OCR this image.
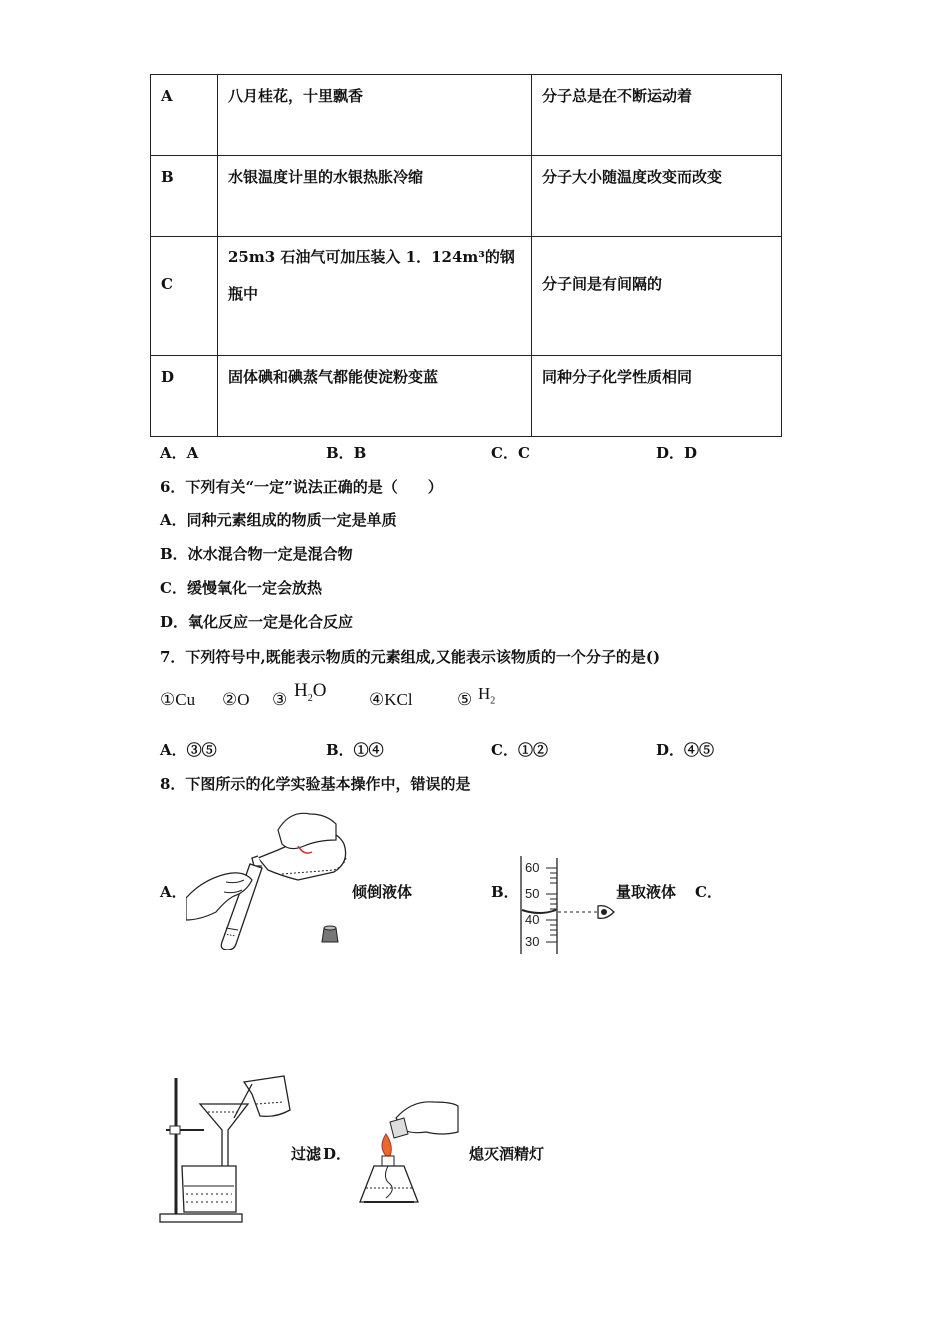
A	八月桂花，十里飘香	分子总是在不断运动着
B	水银温度计里的水银热胀冷缩	分子大小随温度改变而改变
C	25m3 石油气可加压装入 1．124m³的钢瓶中	分子间是有间隔的
D	固体碘和碘蒸气都能使淀粉变蓝	同种分子化学性质相同
A．A	B．B	C．C	D．D
6．下列有关“一定”说法正确的是（　　）
A．同种元素组成的物质一定是单质
B．冰水混合物一定是混合物
C．缓慢氧化一定会放热
D．氧化反应一定是化合反应
7．下列符号中,既能表示物质的元素组成,又能表示该物质的一个分子的是()
①Cu ②O ③ $H_2O$	④KCl	⑤ $H_2$
A．③⑤	B．①④	C．①②	D．④⑤
8．下图所示的化学实验基本操作中，错误的是
A．	倾倒液体	B．	量取液体 C．
过滤 D．	熄灭酒精灯
60
50
40
30
